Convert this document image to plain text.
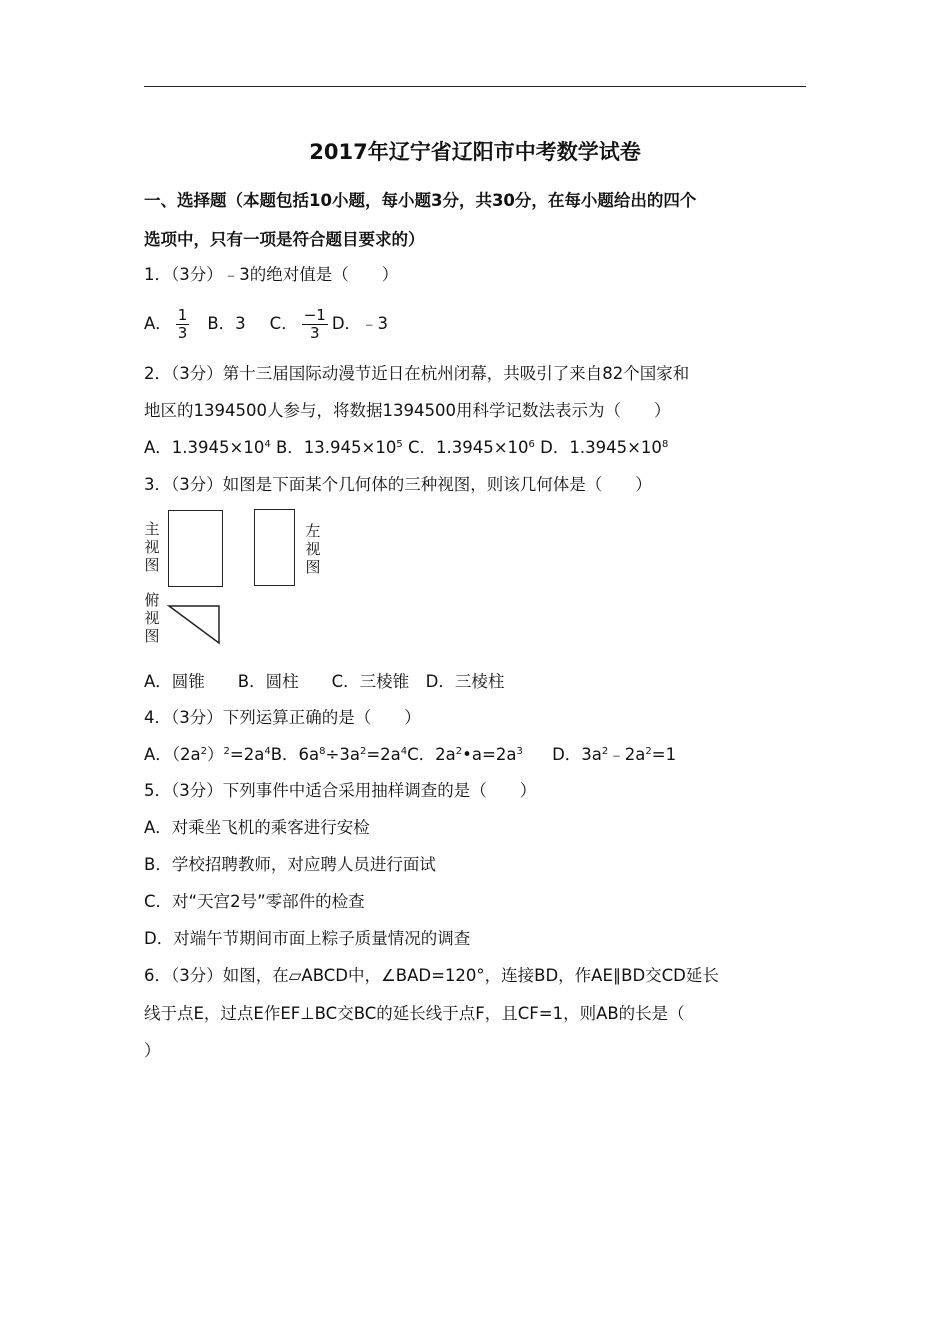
2017年辽宁省辽阳市中考数学试卷
一、选择题（本题包括10小题，每小题3分，共30分，在每小题给出的四个
选项中，只有一项是符合题目要求的）
1．（3分）﹣3的绝对值是（　　）
A． $\frac{1}{3}$ B．3 C． $\frac{-1}{3}$ D．﹣3
2．（3分）第十三届国际动漫节近日在杭州闭幕，共吸引了来自82个国家和
地区的1394500人参与，将数据1394500用科学记数法表示为（　　）
A．$1.3945\times 10^4$ B．$13.945\times 10^5$ C．$1.3945\times 10^6$ D．$1.3945\times 10^8$
3．（3分）如图是下面某个几何体的三种视图，则该几何体是（　　）
主
视
图
左
视
图
俯
视
图
A．圆锥　　B．圆柱　　C．三棱锥　D．三棱柱
4．（3分）下列运算正确的是（　　）
A．$(2a^2)^2=2a^4B$．$6a^8\div 3a^2=2a^4C$．$2a^2•a=2a^3$ D．$3a^2﹣2a^2=1$
5．（3分）下列事件中适合采用抽样调查的是（　　）
A．对乘坐飞机的乘客进行安检
B．学校招聘教师，对应聘人员进行面试
C．对“天宫2号”零部件的检查
D．对端午节期间市面上粽子质量情况的调查
6．（3分）如图，在▱ABCD中，∠BAD=120°，连接BD，作AE∥BD交CD延长
线于点E，过点E作EF⊥BC交BC的延长线于点F，且CF=1，则AB的长是（
）
